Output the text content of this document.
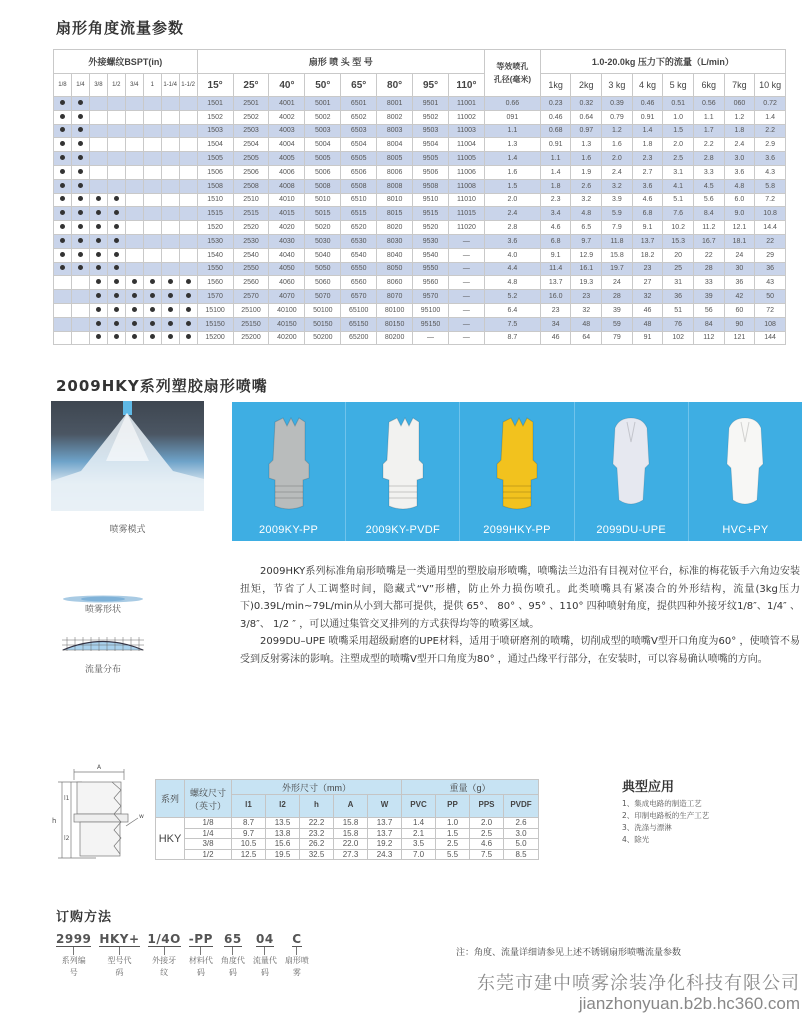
扇形角度流量参数
外接螺纹BSPT(in)								扇形 喷 头 型 号								等效喷孔
孔径(毫米)	1.0-20.0kg 压力下的流量（L/min）							
1/8	1/4	3/8	1/2	3/4	1	1-1/4	1-1/2	15°	25°	40°	50°	65°	80°	95°	110°		1kg	2kg	3 kg	4 kg	5 kg	6kg	7kg	10 kg
								1501	2501	4001	5001	6501	8001	9501	11001	0.66	0.23	0.32	0.39	0.46	0.51	0.56	060	0.72
								1502	2502	4002	5002	6502	8002	9502	11002	091	0.46	0.64	0.79	0.91	1.0	1.1	1.2	1.4
								1503	2503	4003	5003	6503	8003	9503	11003	1.1	0.68	0.97	1.2	1.4	1.5	1.7	1.8	2.2
								1504	2504	4004	5004	6504	8004	9504	11004	1.3	0.91	1.3	1.6	1.8	2.0	2.2	2.4	2.9
								1505	2505	4005	5005	6505	8005	9505	11005	1.4	1.1	1.6	2.0	2.3	2.5	2.8	3.0	3.6
								1506	2506	4006	5006	6506	8006	9506	11006	1.6	1.4	1.9	2.4	2.7	3.1	3.3	3.6	4.3
								1508	2508	4008	5008	6508	8008	9508	11008	1.5	1.8	2.6	3.2	3.6	4.1	4.5	4.8	5.8
								1510	2510	4010	5010	6510	8010	9510	11010	2.0	2.3	3.2	3.9	4.6	5.1	5.6	6.0	7.2
								1515	2515	4015	5015	6515	8015	9515	11015	2.4	3.4	4.8	5.9	6.8	7.6	8.4	9.0	10.8
								1520	2520	4020	5020	6520	8020	9520	11020	2.8	4.6	6.5	7.9	9.1	10.2	11.2	12.1	14.4
								1530	2530	4030	5030	6530	8030	9530	—	3.6	6.8	9.7	11.8	13.7	15.3	16.7	18.1	22
								1540	2540	4040	5040	6540	8040	9540	—	4.0	9.1	12.9	15.8	18.2	20	22	24	29
								1550	2550	4050	5050	6550	8050	9550	—	4.4	11.4	16.1	19.7	23	25	28	30	36
								1560	2560	4060	5060	6560	8060	9560	—	4.8	13.7	19.3	24	27	31	33	36	43
								1570	2570	4070	5070	6570	8070	9570	—	5.2	16.0	23	28	32	36	39	42	50
								15100	25100	40100	50100	65100	80100	95100	—	6.4	23	32	39	46	51	56	60	72
								15150	25150	40150	50150	65150	80150	95150	—	7.5	34	48	59	48	76	84	90	108
								15200	25200	40200	50200	65200	80200	—	—	8.7	46	64	79	91	102	112	121	144
2009HKY系列塑胶扇形喷嘴
喷雾模式	2009KY-PP	2009KY-PVDF	2099HKY-PP	2099DU-UPE	HVC+PY
喷雾形状
流量分布

2009HKY系列标准角扇形喷嘴是一类通用型的塑胶扇形喷嘴，喷嘴法兰边沿有目视对位平台，标准的梅花钣手六角边安装扭矩，节省了人工调整时间，隐藏式“V”形槽，防止外力损伤喷孔。此类喷嘴具有紧凑合的外形结构，流量(3kg压力下)0.39L/min~79L/min从小到大都可提供，提供 65°、 80° 、95° 、110° 四种喷射角度，提供四种外接牙纹1/8″、1/4″ 、3/8″、 1/2 ″ ，可以通过集管交叉排列的方式获得均等的喷雾区域。

2099DU–UPE 喷嘴采用超级耐磨的UPE材料，适用于喷研磨剂的喷嘴，切削成型的喷嘴V型开口角度为60° ，使喷管不易受到反射雾沫的影响。注塑成型的喷嘴V型开口角度为80° ，通过凸缘平行部分，在安装时，可以容易确认喷嘴的方向。

A
h
l1
l2
w
系列	螺纹尺寸（英寸）	外形尺寸（mm）					重量（g）			
		l1	l2	h	A	W	PVC	PP	PPS	PVDF

HKY	1/8	8.7	13.5	22.2	15.8	13.7	1.4	1.0	2.0	2.6
	1/4	9.7	13.8	23.2	15.8	13.7	2.1	1.5	2.5	3.0
	3/8	10.5	15.6	26.2	22.0	19.2	3.5	2.5	4.6	5.0
	1/2	12.5	19.5	32.5	27.3	24.3	7.0	5.5	7.5	8.5
典型应用
1、集成电路的制造工艺
2、印制电路板的生产工艺
3、洗涤与漂淋
4、除光
订购方法
2999
系列编号
HKY+
型号代码
1/4O
外接牙纹
-PP
材料代码
65
角度代码
04
流量代码
C
扇形喷雾
注：角度、流量详细请参见上述不锈钢扇形喷嘴流量参数
东莞市建中喷雾涂装净化科技有限公司
jianzhonyuan.b2b.hc360.com
